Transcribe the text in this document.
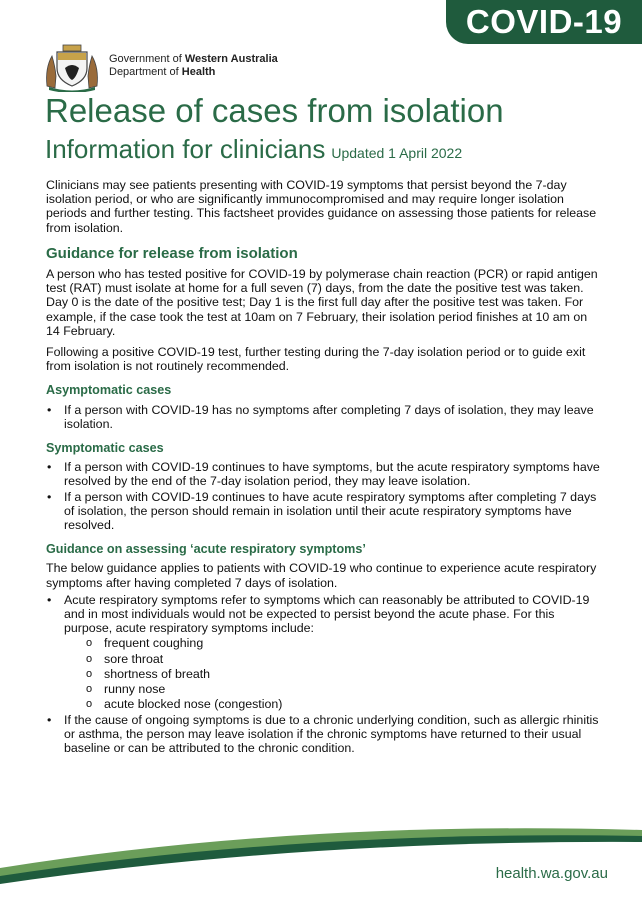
COVID-19
Government of Western Australia
Department of Health
Release of cases from isolation
Information for clinicians Updated 1 April 2022

Clinicians may see patients presenting with COVID-19 symptoms that persist beyond the 7-day isolation period, or who are significantly immunocompromised and may require longer isolation periods and further testing. This factsheet provides guidance on assessing those patients for release from isolation.

Guidance for release from isolation

A person who has tested positive for COVID-19 by polymerase chain reaction (PCR) or rapid antigen test (RAT) must isolate at home for a full seven (7) days, from the date the positive test was taken. Day 0 is the date of the positive test; Day 1 is the first full day after the positive test was taken. For example, if the case took the test at 10am on 7 February, their isolation period finishes at 10 am on 14 February.

Following a positive COVID-19 test, further testing during the 7-day isolation period or to guide exit from isolation is not routinely recommended.

Asymptomatic cases
• If a person with COVID-19 has no symptoms after completing 7 days of isolation, they may leave isolation.
Symptomatic cases
• If a person with COVID-19 continues to have symptoms, but the acute respiratory symptoms have resolved by the end of the 7-day isolation period, they may leave isolation.
• If a person with COVID-19 continues to have acute respiratory symptoms after completing 7 days of isolation, the person should remain in isolation until their acute respiratory symptoms have resolved.
Guidance on assessing ‘acute respiratory symptoms’

The below guidance applies to patients with COVID-19 who continue to experience acute respiratory symptoms after having completed 7 days of isolation.

• Acute respiratory symptoms refer to symptoms which can reasonably be attributed to COVID-19 and in most individuals would not be expected to persist beyond the acute phase. For this purpose, acute respiratory symptoms include:
o frequent coughing
o sore throat
o shortness of breath
o runny nose
o acute blocked nose (congestion)
• If the cause of ongoing symptoms is due to a chronic underlying condition, such as allergic rhinitis or asthma, the person may leave isolation if the chronic symptoms have returned to their usual baseline or can be attributed to the chronic condition.
health.wa.gov.au
